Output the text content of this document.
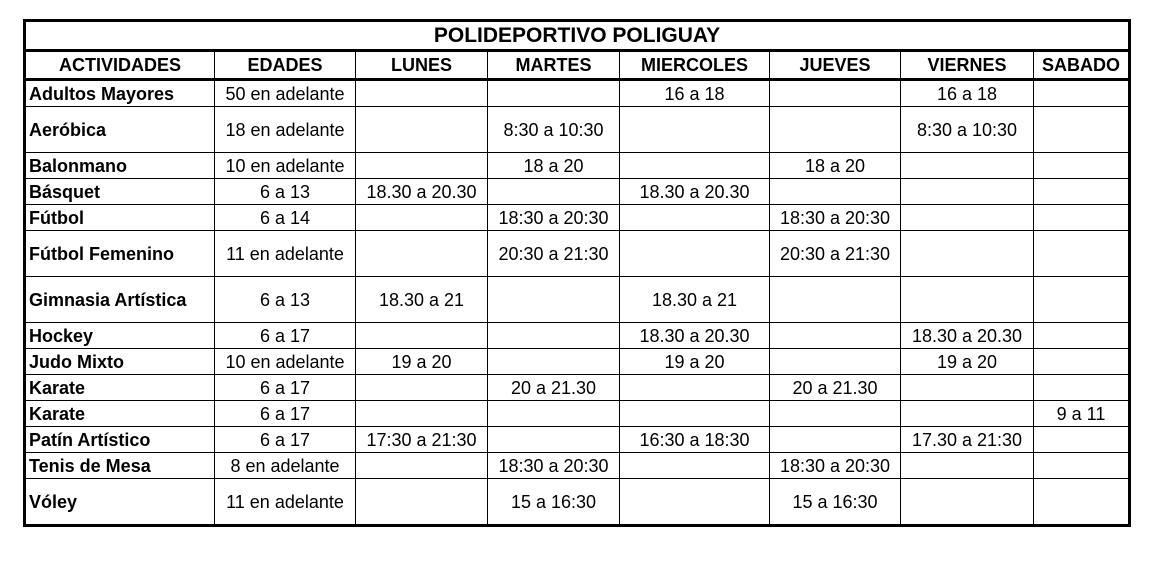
POLIDEPORTIVO POLIGUAY							
ACTIVIDADES	EDADES	LUNES	MARTES	MIERCOLES	JUEVES	VIERNES	SABADO
Adultos Mayores	50 en adelante			16 a 18		16 a 18	
Aeróbica	18 en adelante		8:30 a 10:30			8:30 a 10:30	
Balonmano	10 en adelante		18 a 20		18 a 20		
Básquet	6 a 13	18.30 a 20.30		18.30 a 20.30			
Fútbol	6 a 14		18:30 a 20:30		18:30 a 20:30		
Fútbol Femenino	11 en adelante		20:30 a 21:30		20:30 a 21:30		
Gimnasia Artística	6 a 13	18.30 a 21		18.30 a 21			
Hockey	6 a 17			18.30 a 20.30		18.30 a 20.30	
Judo Mixto	10 en adelante	19 a 20		19 a 20		19 a 20	
Karate	6 a 17		20 a 21.30		20 a 21.30		
Karate	6 a 17						9 a 11
Patín Artístico	6 a 17	17:30 a 21:30		16:30 a 18:30		17.30 a 21:30	
Tenis de Mesa	8 en adelante		18:30 a 20:30		18:30 a 20:30		
Vóley	11 en adelante		15 a 16:30		15 a 16:30		
